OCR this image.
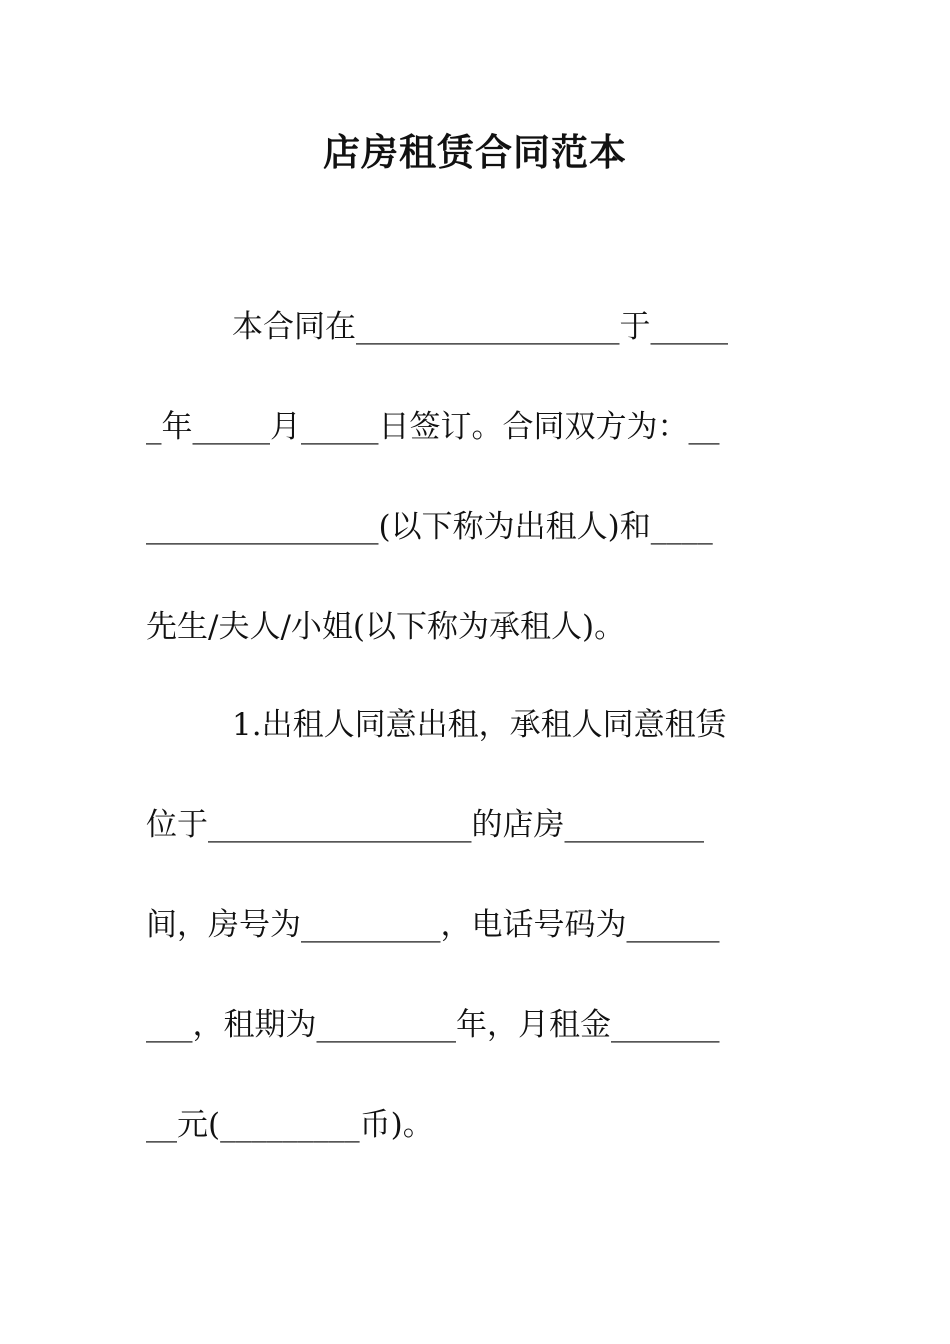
店房租赁合同范本
本合同在_________________于_____
_年_____月_____日签订。合同双方为：__
_______________(以下称为出租人)和____
先生/夫人/小姐(以下称为承租人)。
1.出租人同意出租，承租人同意租赁
位于_________________的店房_________
间，房号为_________，电话号码为______
___，租期为_________年，月租金_______
__元(_________币)。
